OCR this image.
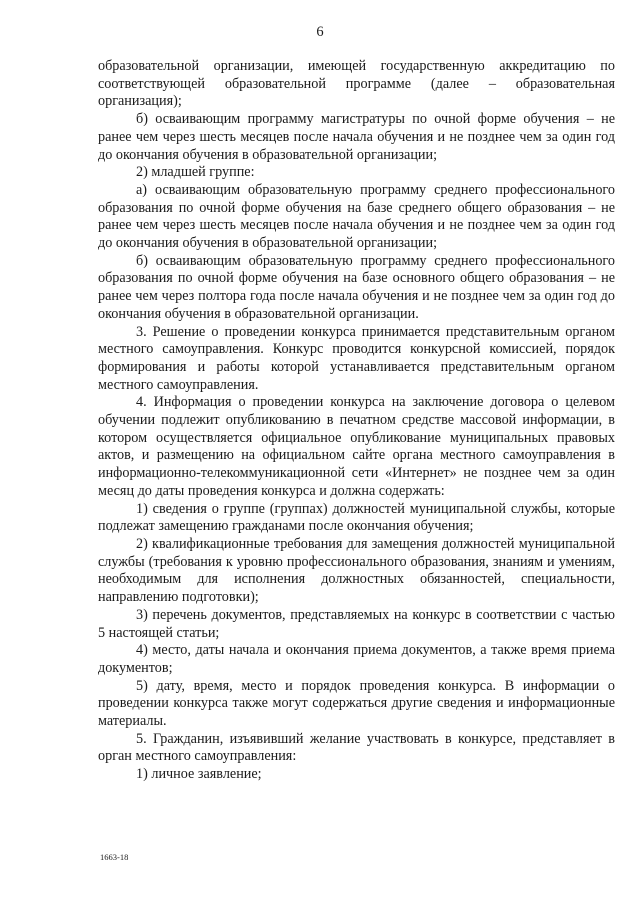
6

образовательной организации, имеющей государственную аккредитацию по соответствующей образовательной программе (далее – образовательная организация);

б) осваивающим программу магистратуры по очной форме обучения – не ранее чем через шесть месяцев после начала обучения и не позднее чем за один год до окончания обучения в образовательной организации;

2) младшей группе:

а) осваивающим образовательную программу среднего профессионального образования по очной форме обучения на базе среднего общего образования – не ранее чем через шесть месяцев после начала обучения и не позднее чем за один год до окончания обучения в образовательной организации;

б) осваивающим образовательную программу среднего профессионального образования по очной форме обучения на базе основного общего образования – не ранее чем через полтора года после начала обучения и не позднее чем за один год до окончания обучения в образовательной организации.

3. Решение о проведении конкурса принимается представительным органом местного самоуправления. Конкурс проводится конкурсной комиссией, порядок формирования и работы которой устанавливается представительным органом местного самоуправления.

4. Информация о проведении конкурса на заключение договора о целевом обучении подлежит опубликованию в печатном средстве массовой информации, в котором осуществляется официальное опубликование муниципальных правовых актов, и размещению на официальном сайте органа местного самоуправления в информационно-телекоммуникационной сети «Интернет» не позднее чем за один месяц до даты проведения конкурса и должна содержать:

1) сведения о группе (группах) должностей муниципальной службы, которые подлежат замещению гражданами после окончания обучения;

2) квалификационные требования для замещения должностей муниципальной службы (требования к уровню профессионального образования, знаниям и умениям, необходимым для исполнения должностных обязанностей, специальности, направлению подготовки);

3) перечень документов, представляемых на конкурс в соответствии с частью 5 настоящей статьи;

4) место, даты начала и окончания приема документов, а также время приема документов;

5) дату, время, место и порядок проведения конкурса. В информации о проведении конкурса также могут содержаться другие сведения и информационные материалы.

5. Гражданин, изъявивший желание участвовать в конкурсе, представляет в орган местного самоуправления:

1) личное заявление;

1663-18
